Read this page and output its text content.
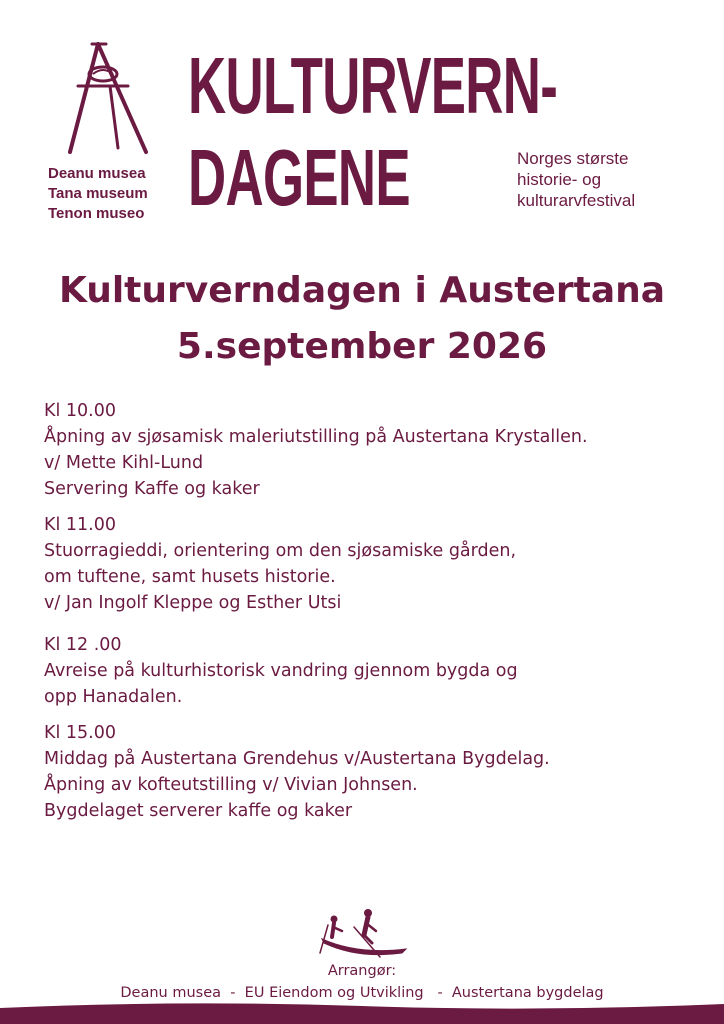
Deanu musea
Tana museum
Tenon museo
KULTURVERN-
DAGENE	Norges største
historie- og
kulturarvfestival
Kulturverndagen i Austertana
5.september 2026
Kl 10.00
Åpning av sjøsamisk maleriutstilling på Austertana Krystallen.
v/ Mette Kihl-Lund
Servering Kaffe og kaker
Kl 11.00
Stuorragieddi, orientering om den sjøsamiske gården,
om tuftene, samt husets historie.
v/ Jan Ingolf Kleppe og Esther Utsi
Kl 12 .00
Avreise på kulturhistorisk vandring gjennom bygda og
opp Hanadalen.
Kl 15.00
Middag på Austertana Grendehus v/Austertana Bygdelag.
Åpning av kofteutstilling v/ Vivian Johnsen.
Bygdelaget serverer kaffe og kaker
Arrangør:
Deanu musea  -  EU Eiendom og Utvikling   -  Austertana bygdelag
